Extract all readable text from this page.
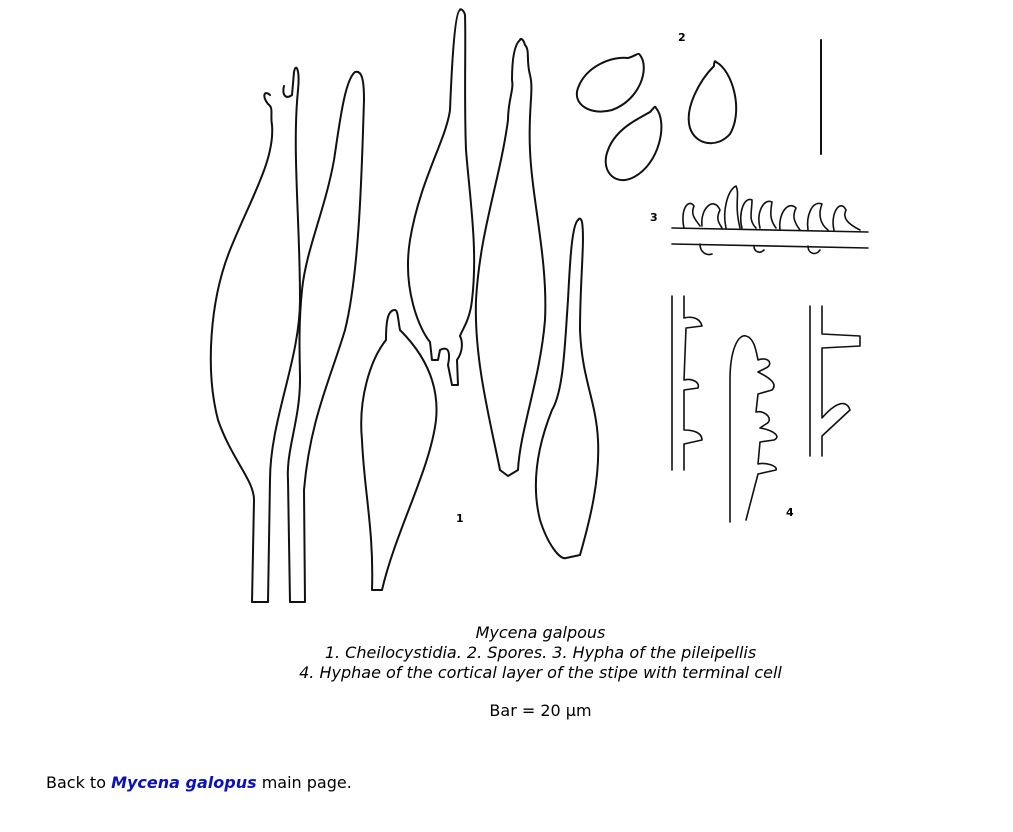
1
2
3
4
Mycena galpous
1. Cheilocystidia. 2. Spores. 3. Hypha of the pileipellis
4. Hyphae of the cortical layer of the stipe with terminal cell
Bar = 20 µm
Back to Mycena galopus main page.
